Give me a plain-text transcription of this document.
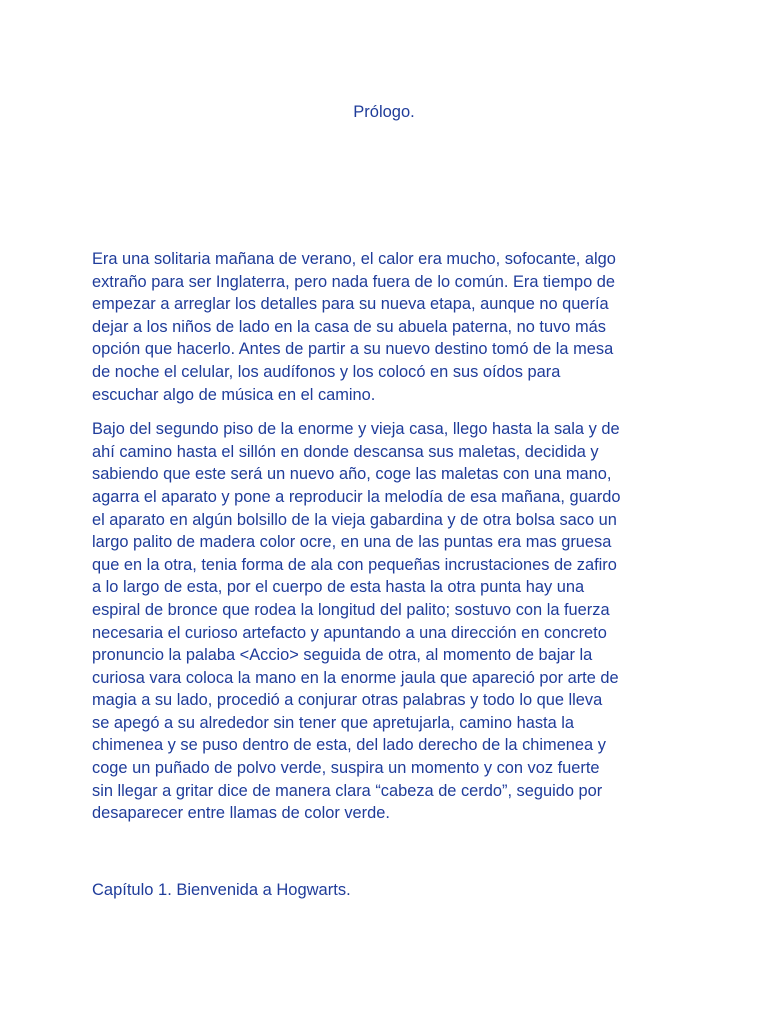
Prólogo.

Era una solitaria mañana de verano, el calor era mucho, sofocante, algo
extraño para ser Inglaterra, pero nada fuera de lo común. Era tiempo de
empezar a arreglar los detalles para su nueva etapa, aunque no quería
dejar a los niños de lado en la casa de su abuela paterna, no tuvo más
opción que hacerlo. Antes de partir a su nuevo destino tomó de la mesa
de noche el celular, los audífonos y los colocó en sus oídos para
escuchar algo de música en el camino.

Bajo del segundo piso de la enorme y vieja casa, llego hasta la sala y de
ahí camino hasta el sillón en donde descansa sus maletas, decidida y
sabiendo que este será un nuevo año, coge las maletas con una mano,
agarra el aparato y pone a reproducir la melodía de esa mañana, guardo
el aparato en algún bolsillo de la vieja gabardina y de otra bolsa saco un
largo palito de madera color ocre, en una de las puntas era mas gruesa
que en la otra, tenia forma de ala con pequeñas incrustaciones de zafiro
a lo largo de esta, por el cuerpo de esta hasta la otra punta hay una
espiral de bronce que rodea la longitud del palito; sostuvo con la fuerza
necesaria el curioso artefacto y apuntando a una dirección en concreto
pronuncio la palaba <Accio> seguida de otra, al momento de bajar la
curiosa vara coloca la mano en la enorme jaula que apareció por arte de
magia a su lado, procedió a conjurar otras palabras y todo lo que lleva
se apegó a su alrededor sin tener que apretujarla, camino hasta la
chimenea y se puso dentro de esta, del lado derecho de la chimenea y
coge un puñado de polvo verde, suspira un momento y con voz fuerte
sin llegar a gritar dice de manera clara “cabeza de cerdo”, seguido por
desaparecer entre llamas de color verde.

Capítulo 1. Bienvenida a Hogwarts.
